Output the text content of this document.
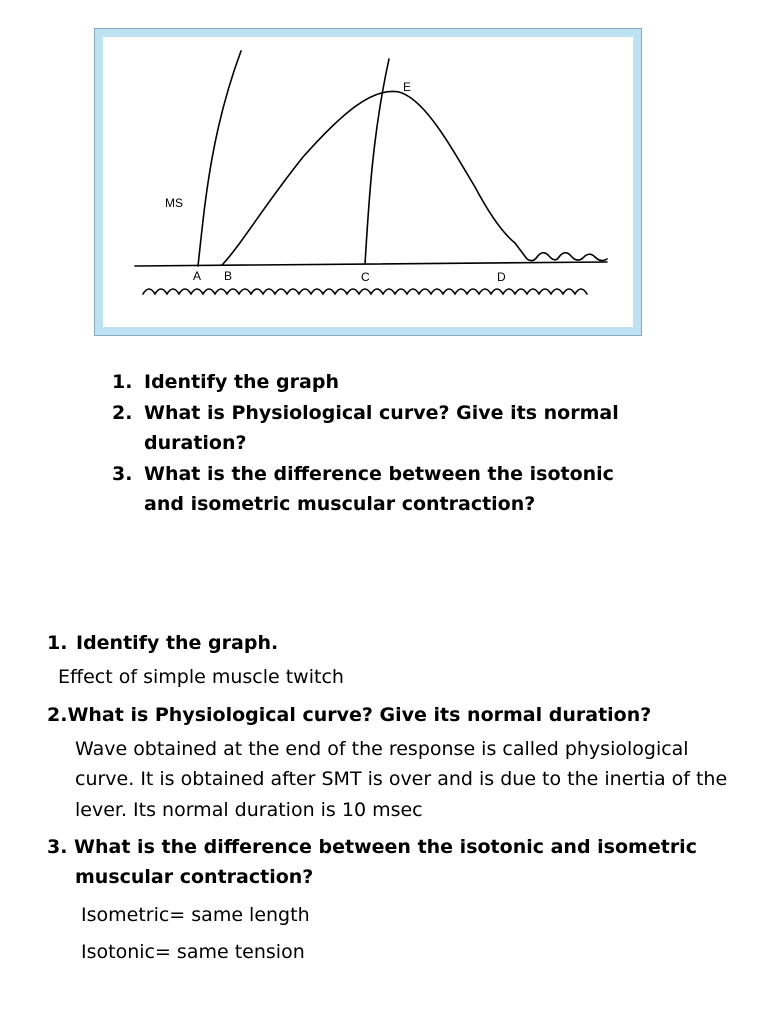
MS
E
A B	C	D
1. Identify the graph
2. What is Physiological curve? Give its normal duration?
3. What is the difference between the isotonic and isometric muscular contraction?
1. Identify the graph.
Effect of simple muscle twitch
2.What is Physiological curve? Give its normal duration?
Wave obtained at the end of the response is called physiological curve. It is obtained after SMT is over and is due to the inertia of the lever. Its normal duration is 10 msec
3. What is the difference between the isotonic and isometric muscular contraction?
Isometric= same length
Isotonic= same tension
